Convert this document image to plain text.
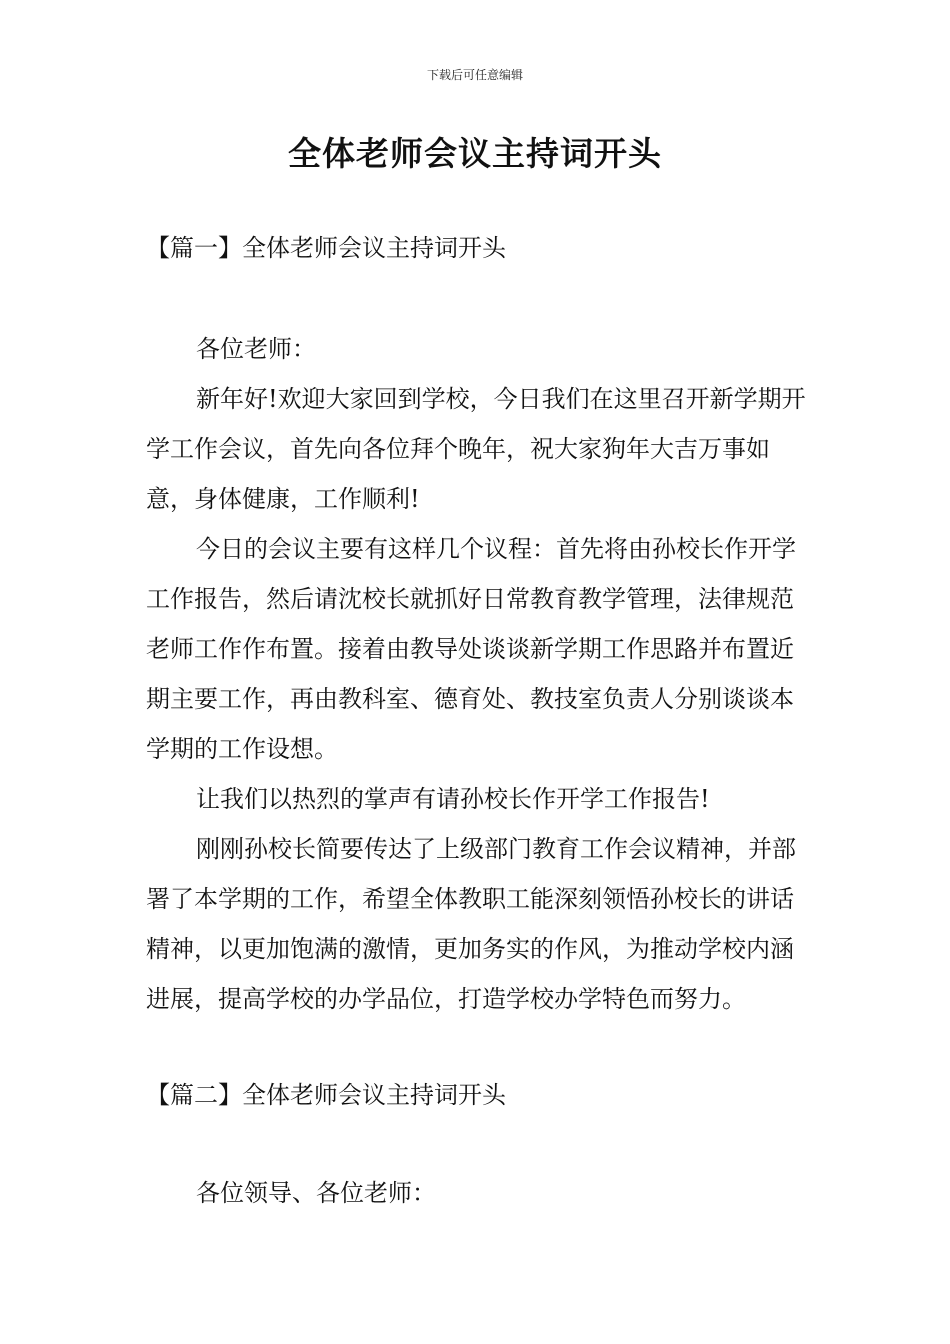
下载后可任意编辑
全体老师会议主持词开头
【篇一】全体老师会议主持词开头

各位老师：

新年好!欢迎大家回到学校，今日我们在这里召开新学期开学工作会议，首先向各位拜个晚年，祝大家狗年大吉万事如意，身体健康，工作顺利!

今日的会议主要有这样几个议程：首先将由孙校长作开学工作报告，然后请沈校长就抓好日常教育教学管理，法律规范老师工作作布置。接着由教导处谈谈新学期工作思路并布置近期主要工作，再由教科室、德育处、教技室负责人分别谈谈本学期的工作设想。

让我们以热烈的掌声有请孙校长作开学工作报告!

刚刚孙校长简要传达了上级部门教育工作会议精神，并部署了本学期的工作，希望全体教职工能深刻领悟孙校长的讲话精神，以更加饱满的激情，更加务实的作风，为推动学校内涵进展，提高学校的办学品位，打造学校办学特色而努力。

【篇二】全体老师会议主持词开头

各位领导、各位老师：
